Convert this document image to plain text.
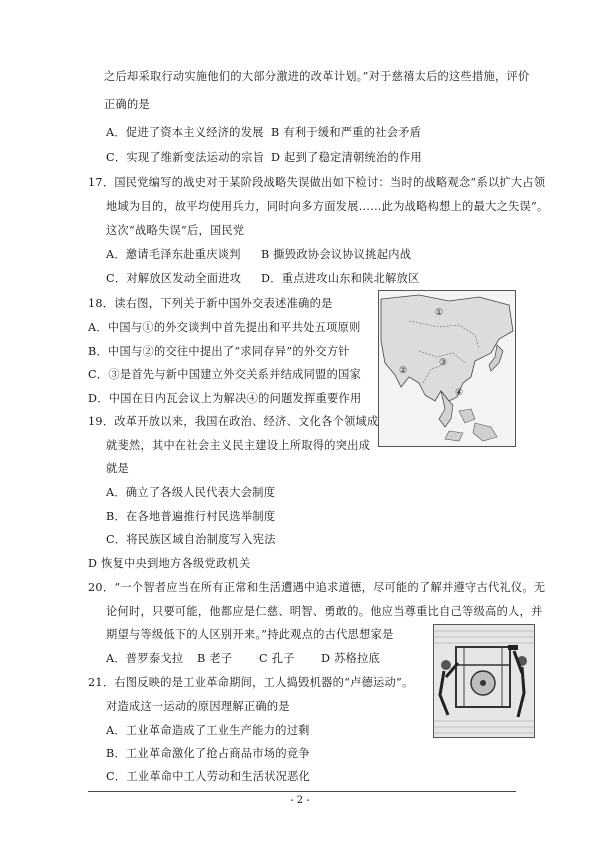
之后却采取行动实施他们的大部分激进的改革计划。”对于慈禧太后的这些措施，评价
正确的是
A．促进了资本主义经济的发展 B 有利于缓和严重的社会矛盾
C．实现了维新变法运动的宗旨 D 起到了稳定清朝统治的作用
17．国民党编写的战史对于某阶段战略失误做出如下检讨：当时的战略观念“系以扩大占领
地域为目的，故平均使用兵力，同时向多方面发展……此为战略构想上的最大之失误”。
这次“战略失误”后，国民党
A．邀请毛泽东赴重庆谈判 B 撕毁政协会议协议挑起内战
C．对解放区发动全面进攻 D．重点进攻山东和陕北解放区
18．读右图，下列关于新中国外交表述准确的是
A．中国与①的外交谈判中首先提出和平共处五项原则
B．中国与②的交往中提出了“求同存异”的外交方针
C．③是首先与新中国建立外交关系并结成同盟的国家
D．中国在日内瓦会议上为解决④的问题发挥重要作用
①
②
③
④
19．改革开放以来，我国在政治、经济、文化各个领域成
就斐然，其中在社会主义民主建设上所取得的突出成
就是
A．确立了各级人民代表大会制度
B．在各地普遍推行村民选举制度
C．将民族区域自治制度写入宪法
D 恢复中央到地方各级党政机关
20．“一个智者应当在所有正常和生活遭遇中追求道德，尽可能的了解并遵守古代礼仪。无
论何时，只要可能，他都应是仁慈、明智、勇敢的。他应当尊重比自己等级高的人，并
期望与等级低下的人区别开来。”持此观点的古代思想家是
A．普罗泰戈拉 B 老子 C 孔子 D 苏格拉底
21．右图反映的是工业革命期间，工人捣毁机器的“卢德运动”。
对造成这一运动的原因理解正确的是
A．工业革命造成了工业生产能力的过剩
B．工业革命激化了抢占商品市场的竞争
C．工业革命中工人劳动和生活状况恶化
- 2 -
